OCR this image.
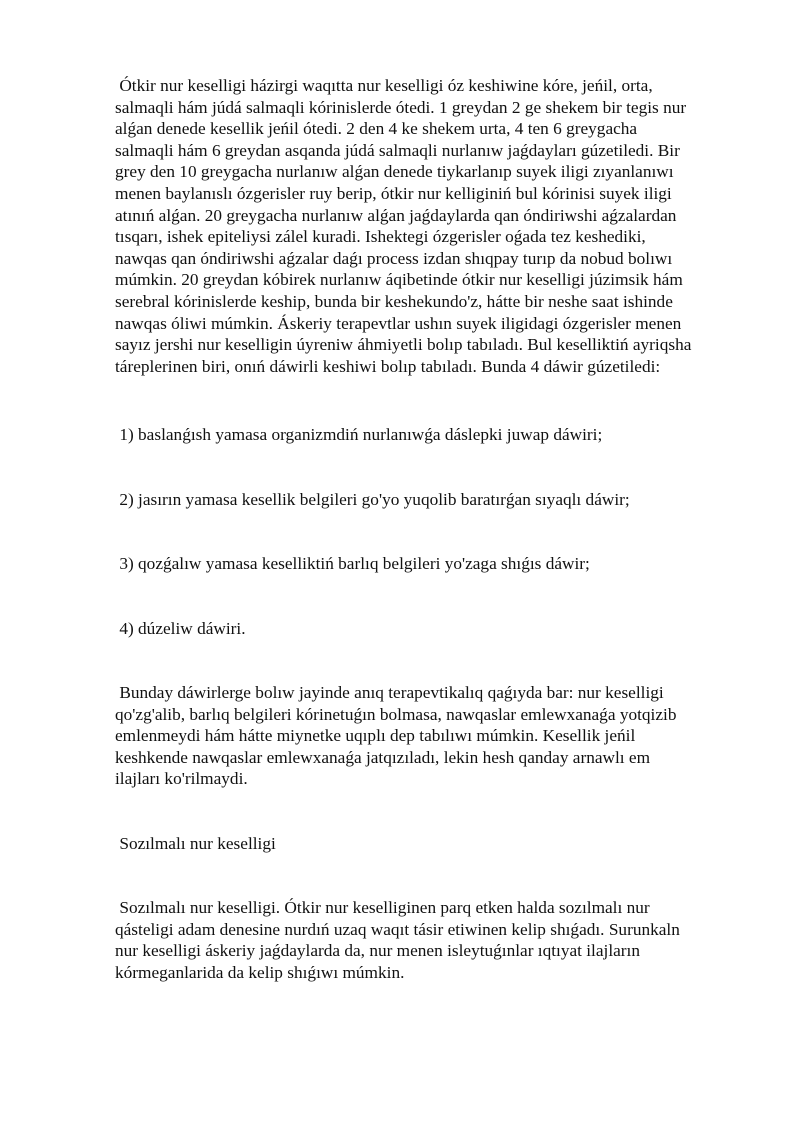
Ótkir nur keselligi házirgi waqıtta nur keselligi óz keshiwine kóre, jeńil, orta,
salmaqli hám júdá salmaqli kórinislerde ótedi. 1 greydan 2 ge shekem bir tegis nur
alǵan denede kesellik jeńil ótedi. 2 den 4 ke shekem urta, 4 ten 6 greygacha
salmaqli hám 6 greydan asqanda júdá salmaqli nurlanıw jaǵdayları gúzetiledi. Bir
grey den 10 greygacha nurlanıw alǵan denede tiykarlanıp suyek iligi zıyanlanıwı
menen baylanıslı ózgerisler ruy berip, ótkir nur kelliginiń bul kórinisi suyek iligi
atınıń alǵan. 20 greygacha nurlanıw alǵan jaǵdaylarda qan óndiriwshi aǵzalardan
tısqarı, ishek epiteliysi zálel kuradi. Ishektegi ózgerisler oǵada tez keshediki,
nawqas qan óndiriwshi aǵzalar daǵı process izdan shıqpay turıp da nobud bolıwı
múmkin. 20 greydan kóbirek nurlanıw áqibetinde ótkir nur keselligi júzimsik hám
serebral kórinislerde keship, bunda bir keshekundo'z, hátte bir neshe saat ishinde
nawqas óliwi múmkin. Áskeriy terapevtlar ushın suyek iligidagi ózgerisler menen
sayız jershi nur keselligin úyreniw áhmiyetli bolıp tabıladı. Bul keselliktiń ayriqsha
táreplerinen biri, onıń dáwirli keshiwi bolıp tabıladı. Bunda 4 dáwir gúzetiledi:

1) baslanǵısh yamasa organizmdiń nurlanıwǵa dáslepki juwap dáwiri;

2) jasırın yamasa kesellik belgileri go'yo yuqolib baratırǵan sıyaqlı dáwir;

3) qozǵalıw yamasa keselliktiń barlıq belgileri yo'zaga shıǵıs dáwir;

4) dúzeliw dáwiri.

Bunday dáwirlerge bolıw jayinde anıq terapevtikalıq qaǵıyda bar: nur keselligi
qo'zg'alib, barlıq belgileri kórinetuǵın bolmasa, nawqaslar emlewxanaǵa yotqizib
emlenmeydi hám hátte miynetke uqıplı dep tabılıwı múmkin. Kesellik jeńil
keshkende nawqaslar emlewxanaǵa jatqızıladı, lekin hesh qanday arnawlı em
ilajları ko'rilmaydi.

Sozılmalı nur keselligi

Sozılmalı nur keselligi. Ótkir nur keselliginen parq etken halda sozılmalı nur
qásteligi adam denesine nurdıń uzaq waqıt tásir etiwinen kelip shıǵadı. Surunkaln
nur keselligi áskeriy jaǵdaylarda da, nur menen isleytuǵınlar ıqtıyat ilajların
kórmeganlarida da kelip shıǵıwı múmkin.
